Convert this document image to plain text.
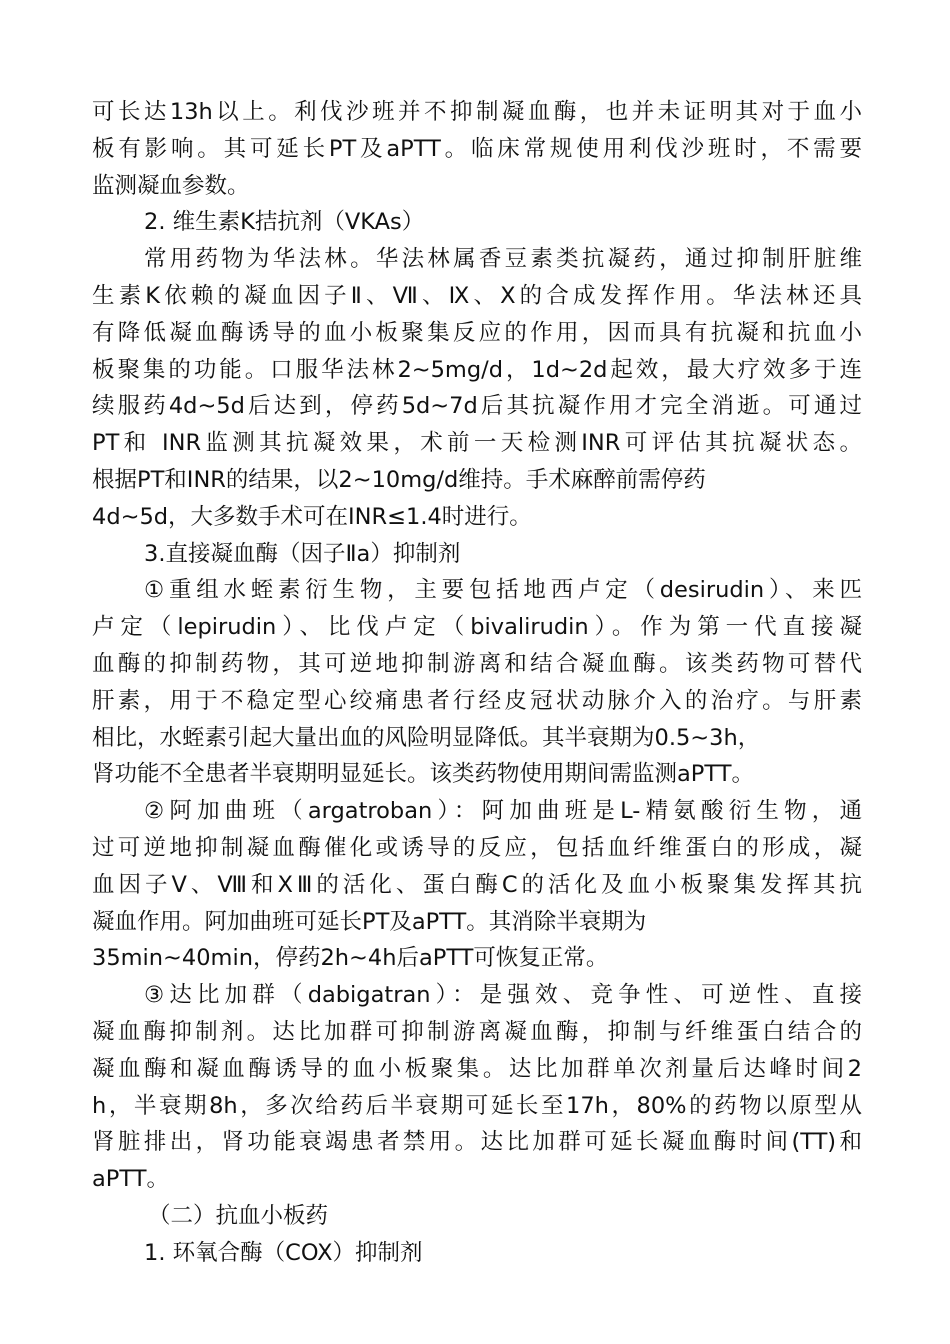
可长达13h以上。利伐沙班并不抑制凝血酶，也并未证明其对于血小
板有影响。其可延长PT及aPTT。临床常规使用利伐沙班时，不需要
监测凝血参数。
2. 维生素K拮抗剂（VKAs）
常用药物为华法林。华法林属香豆素类抗凝药，通过抑制肝脏维
生素K依赖的凝血因子Ⅱ、Ⅶ、Ⅸ、Ⅹ的合成发挥作用。华法林还具
有降低凝血酶诱导的血小板聚集反应的作用，因而具有抗凝和抗血小
板聚集的功能。口服华法林2~5mg/d，1d~2d起效，最大疗效多于连
续服药4d~5d后达到，停药5d~7d后其抗凝作用才完全消逝。可通过
PT和 INR监测其抗凝效果，术前一天检测INR可评估其抗凝状态。
根据PT和INR的结果，以2~10mg/d维持。手术麻醉前需停药
4d~5d，大多数手术可在INR≤1.4时进行。
3.直接凝血酶（因子Ⅱa）抑制剂
①重组水蛭素衍生物，主要包括地西卢定（desirudin）、来匹
卢定（lepirudin）、比伐卢定（bivalirudin）。作为第一代直接凝
血酶的抑制药物，其可逆地抑制游离和结合凝血酶。该类药物可替代
肝素，用于不稳定型心绞痛患者行经皮冠状动脉介入的治疗。与肝素
相比，水蛭素引起大量出血的风险明显降低。其半衰期为0.5~3h，
肾功能不全患者半衰期明显延长。该类药物使用期间需监测aPTT。
②阿加曲班（argatroban）：阿加曲班是L-精氨酸衍生物，通
过可逆地抑制凝血酶催化或诱导的反应，包括血纤维蛋白的形成，凝
血因子Ⅴ、Ⅷ和ⅩⅢ的活化、蛋白酶C的活化及血小板聚集发挥其抗
凝血作用。阿加曲班可延长PT及aPTT。其消除半衰期为
35min~40min，停药2h~4h后aPTT可恢复正常。
③达比加群（dabigatran）：是强效、竞争性、可逆性、直接
凝血酶抑制剂。达比加群可抑制游离凝血酶，抑制与纤维蛋白结合的
凝血酶和凝血酶诱导的血小板聚集。达比加群单次剂量后达峰时间2
h，半衰期8h，多次给药后半衰期可延长至17h，80%的药物以原型从
肾脏排出，肾功能衰竭患者禁用。达比加群可延长凝血酶时间(TT)和
aPTT。
（二）抗血小板药
1. 环氧合酶（COX）抑制剂
